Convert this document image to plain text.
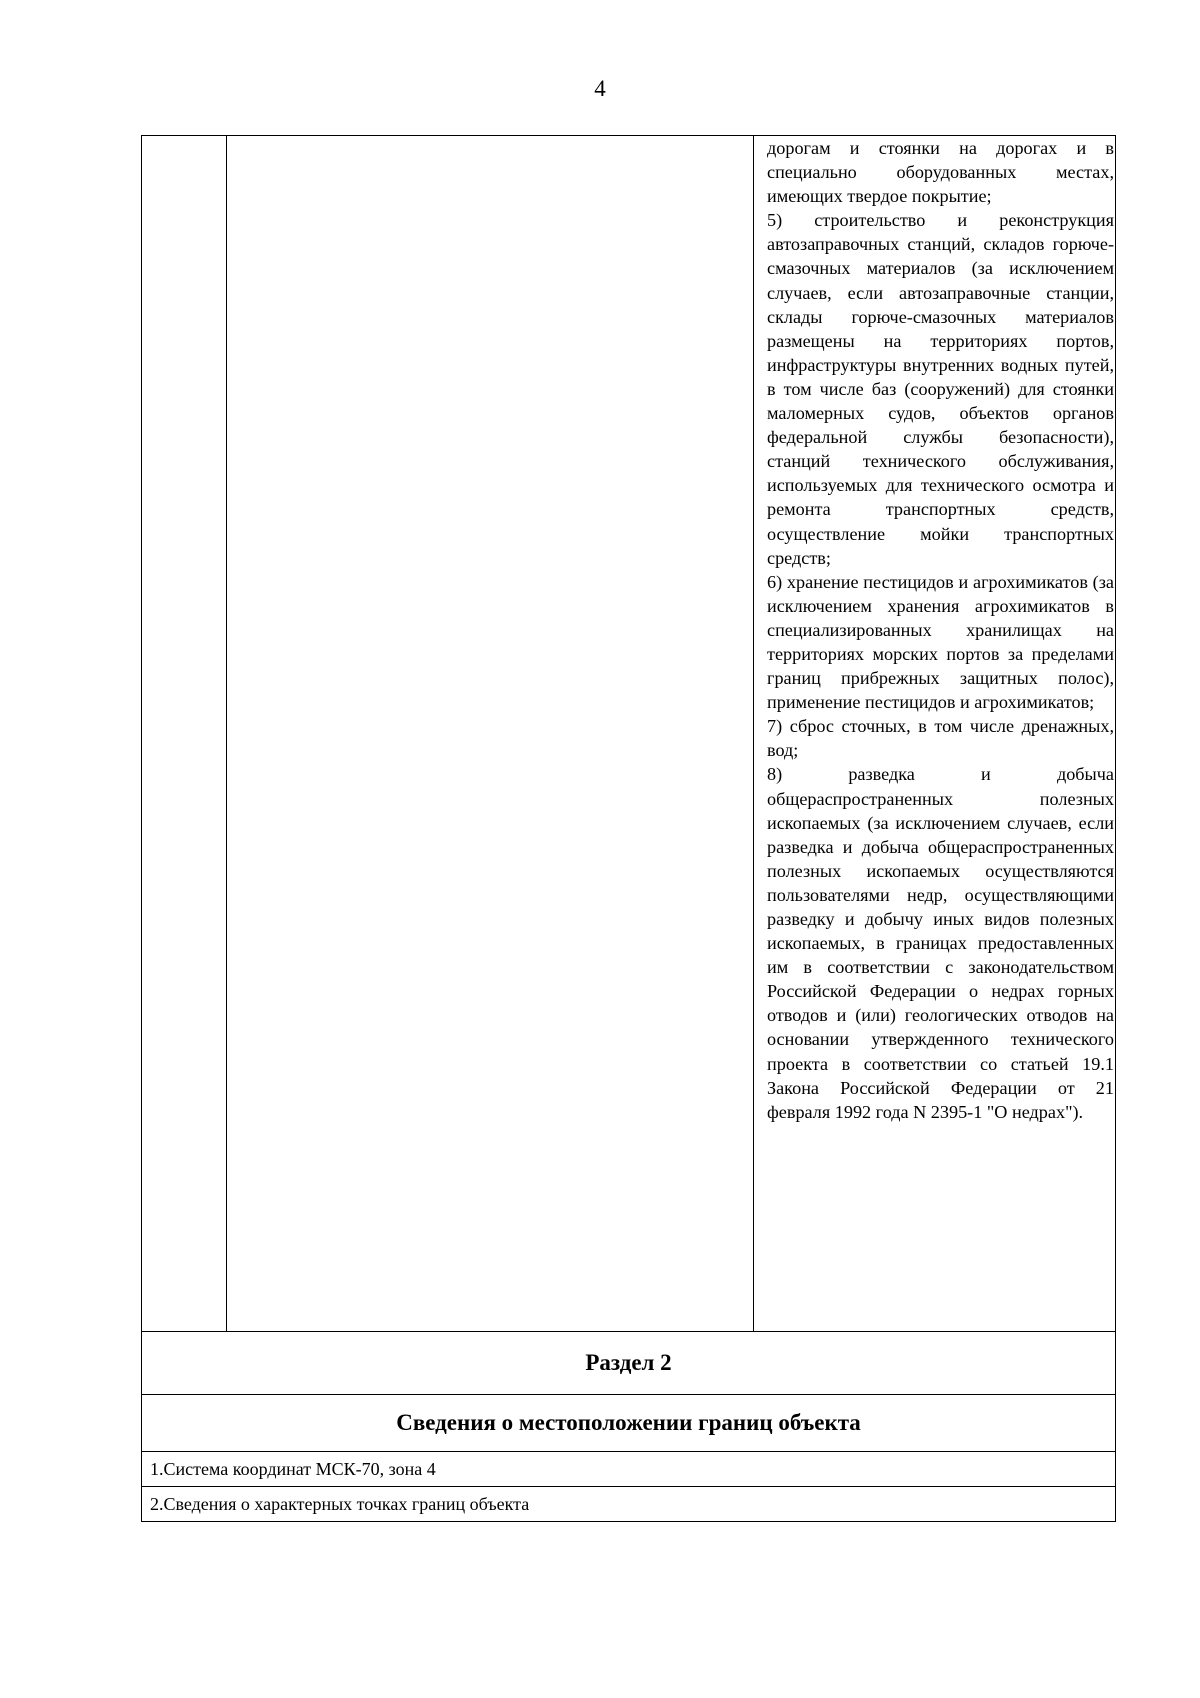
4

дорогам и стоянки на дорогах и в специально оборудованных местах, имеющих твердое покрытие;

5) строительство и реконструкция автозаправочных станций, складов горюче-смазочных материалов (за исключением случаев, если автозаправочные станции, склады горюче-смазочных материалов размещены на территориях портов, инфраструктуры внутренних водных путей, в том числе баз (сооружений) для стоянки маломерных судов, объектов органов федеральной службы безопасности), станций технического обслуживания, используемых для технического осмотра и ремонта транспортных средств, осуществление мойки транспортных средств;

6) хранение пестицидов и агрохимикатов (за исключением хранения агрохимикатов в специализированных хранилищах на территориях морских портов за пределами границ прибрежных защитных полос), применение пестицидов и агрохимикатов;

7) сброс сточных, в том числе дренажных, вод;

8) разведка и добыча общераспространенных полезных ископаемых (за исключением случаев, если разведка и добыча общераспространенных полезных ископаемых осуществляются пользователями недр, осуществляющими разведку и добычу иных видов полезных ископаемых, в границах предоставленных им в соответствии с законодательством Российской Федерации о недрах горных отводов и (или) геологических отводов на основании утвержденного технического проекта в соответствии со статьей 19.1 Закона Российской Федерации от 21 февраля 1992 года N 2395-1 "О недрах").

Раздел 2
Сведения о местоположении границ объекта
1.Система координат МСК-70, зона 4
2.Сведения о характерных точках границ объекта
